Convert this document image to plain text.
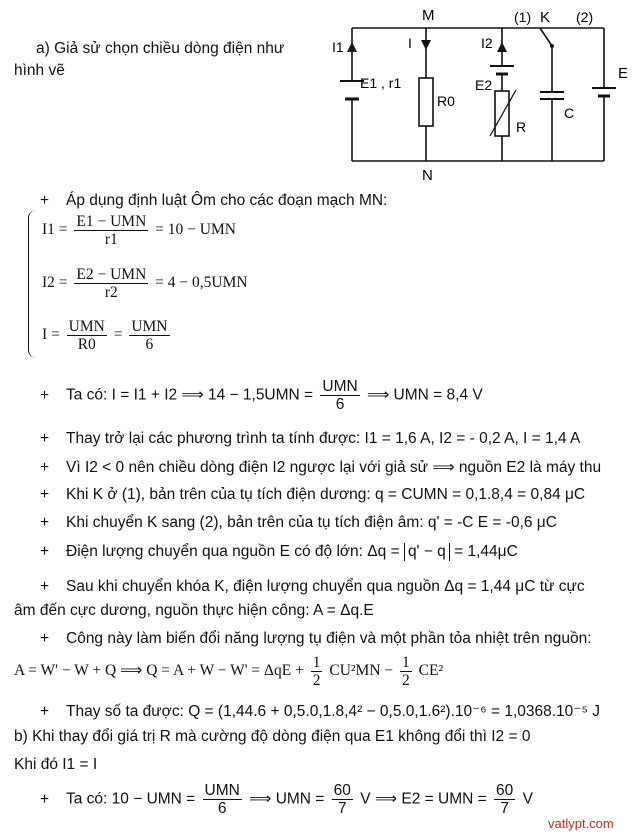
a) Giả sử chọn chiều dòng điện như
hình vẽ
M
N
I1	I	I2
E1 , r1
R0
E2
R
C
(1) K (2)
E
+ Áp dụng định luật Ôm cho các đoạn mạch MN:
$I1 = \frac{\text{E1 − UMN}}{r1} = 10$ − UMN
$I2 = \frac{\text{E2 − UMN}}{r2} = 4 - 0,5UMN$
$I = \frac{\text{UMN}}{R0} = \frac{\text{UMN}}{6}$
+ Ta có: I = I1 + I2 ⟹ $14 - 1,5UMN = \frac{\text{UMN}}{6}$ ⟹ UMN = 8,4 V
+ Thay trở lại các phương trình ta tính được: I1 = 1,6 A, I2 = - 0,2 A, I = 1,4 A
+ Vì I2 < 0 nên chiều dòng điện I2 ngược lại với giả sử ⟹ nguồn E2 là máy thu
+ Khi K ở (1), bản trên của tụ tích điện dương: q = CUMN = 0,1.8,4 = 0,84 μC
+ Khi chuyển K sang (2), bản trên của tụ tích điện âm: q' = -C E = -0,6 μC
+ Điện lượng chuyển qua nguồn E có độ lớn: Δq = q' − q = 1,44μC
+ Sau khi chuyển khóa K, điện lượng chuyển qua nguồn Δq = 1,44 μC từ cực
âm đến cực dương, nguồn thực hiện công: A = Δq.E
+ Công này làm biến đổi năng lượng tụ điện và một phần tỏa nhiệt trên nguồn:
A = W' − W + Q ⟹ $Q = A + W - W' = \Delta qE + \frac{1}{2} CU^2MN - \frac{1}{2} CE^2$
+ Thay số ta được: Q = (1,44.6 + 0,5.0,1.8,4² − 0,5.0,1.6²).10⁻⁶ = 1,0368.10⁻⁵ J
b) Khi thay đổi giá trị R mà cường độ dòng điện qua E1 không đổi thì I2 = 0
Khi đó I1 = I
+ Ta có: 10 − UMN = $\frac{\text{UMN}}{6}$ ⟹ UMN = $\frac{60}{7}$ V ⟹ E2 = UMN = $\frac{60}{7}$ V
vatlypt.com
